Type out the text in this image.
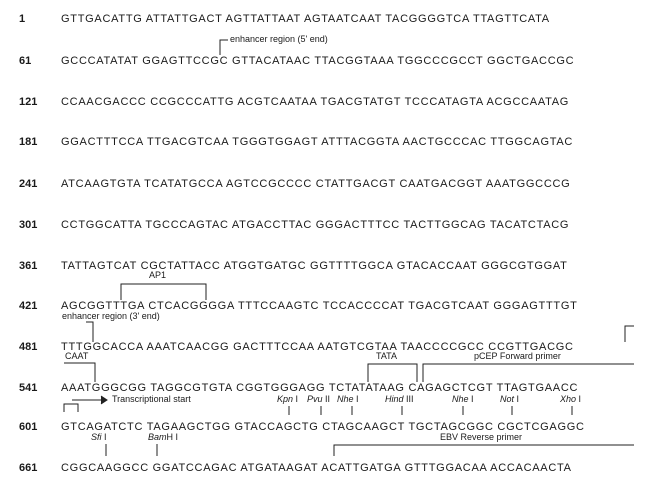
1	GTTGACATTG ATTATTGACT AGTTATTAAT AGTAATCAAT TACGGGGTCA TTAGTTCATA
61	GCCCATATAT GGAGTTCCGC GTTACATAAC TTACGGTAAA TGGCCCGCCT GGCTGACCGC
121 CCAACGACCC CCGCCCATTG ACGTCAATAA TGACGTATGT TCCCATAGTA ACGCCAATAG
181 GGACTTTCCA TTGACGTCAA TGGGTGGAGT ATTTACGGTA AACTGCCCAC TTGGCAGTAC
241 ATCAAGTGTA TCATATGCCA AGTCCGCCCC CTATTGACGT CAATGACGGT AAATGGCCCG
301 CCTGGCATTA TGCCCAGTAC ATGACCTTAC GGGACTTTCC TACTTGGCAG TACATCTACG
361 TATTAGTCAT CGCTATTACC ATGGTGATGC GGTTTTGGCA GTACACCAAT GGGCGTGGAT
421 AGCGGTTTGA CTCACGGGGA TTTCCAAGTC TCCACCCCAT TGACGTCAAT GGGAGTTTGT
481 TTTGGCACCA AAATCAACGG GACTTTCCAA AATGTCGTAA TAACCCCGCC CCGTTGACGC
541 AAATGGGCGG TAGGCGTGTA CGGTGGGAGG TCTATATAAG CAGAGCTCGT TTAGTGAACC
601 GTCAGATCTC TAGAAGCTGG GTACCAGCTG CTAGCAAGCT TGCTAGCGGC CGCTCGAGGC
661 CGGCAAGGCC GGATCCAGAC ATGATAAGAT ACATTGATGA GTTTGGACAA ACCACAACTA
enhancer region (5' end)
AP1
enhancer region (3' end)
CAAT	TATA	pCEP Forward primer
Transcriptional start
EBV Reverse primer
Kpn I Pvu II Nhe I	Hind III	Nhe I	Not I	Xho I
Sfi I	BamH I
